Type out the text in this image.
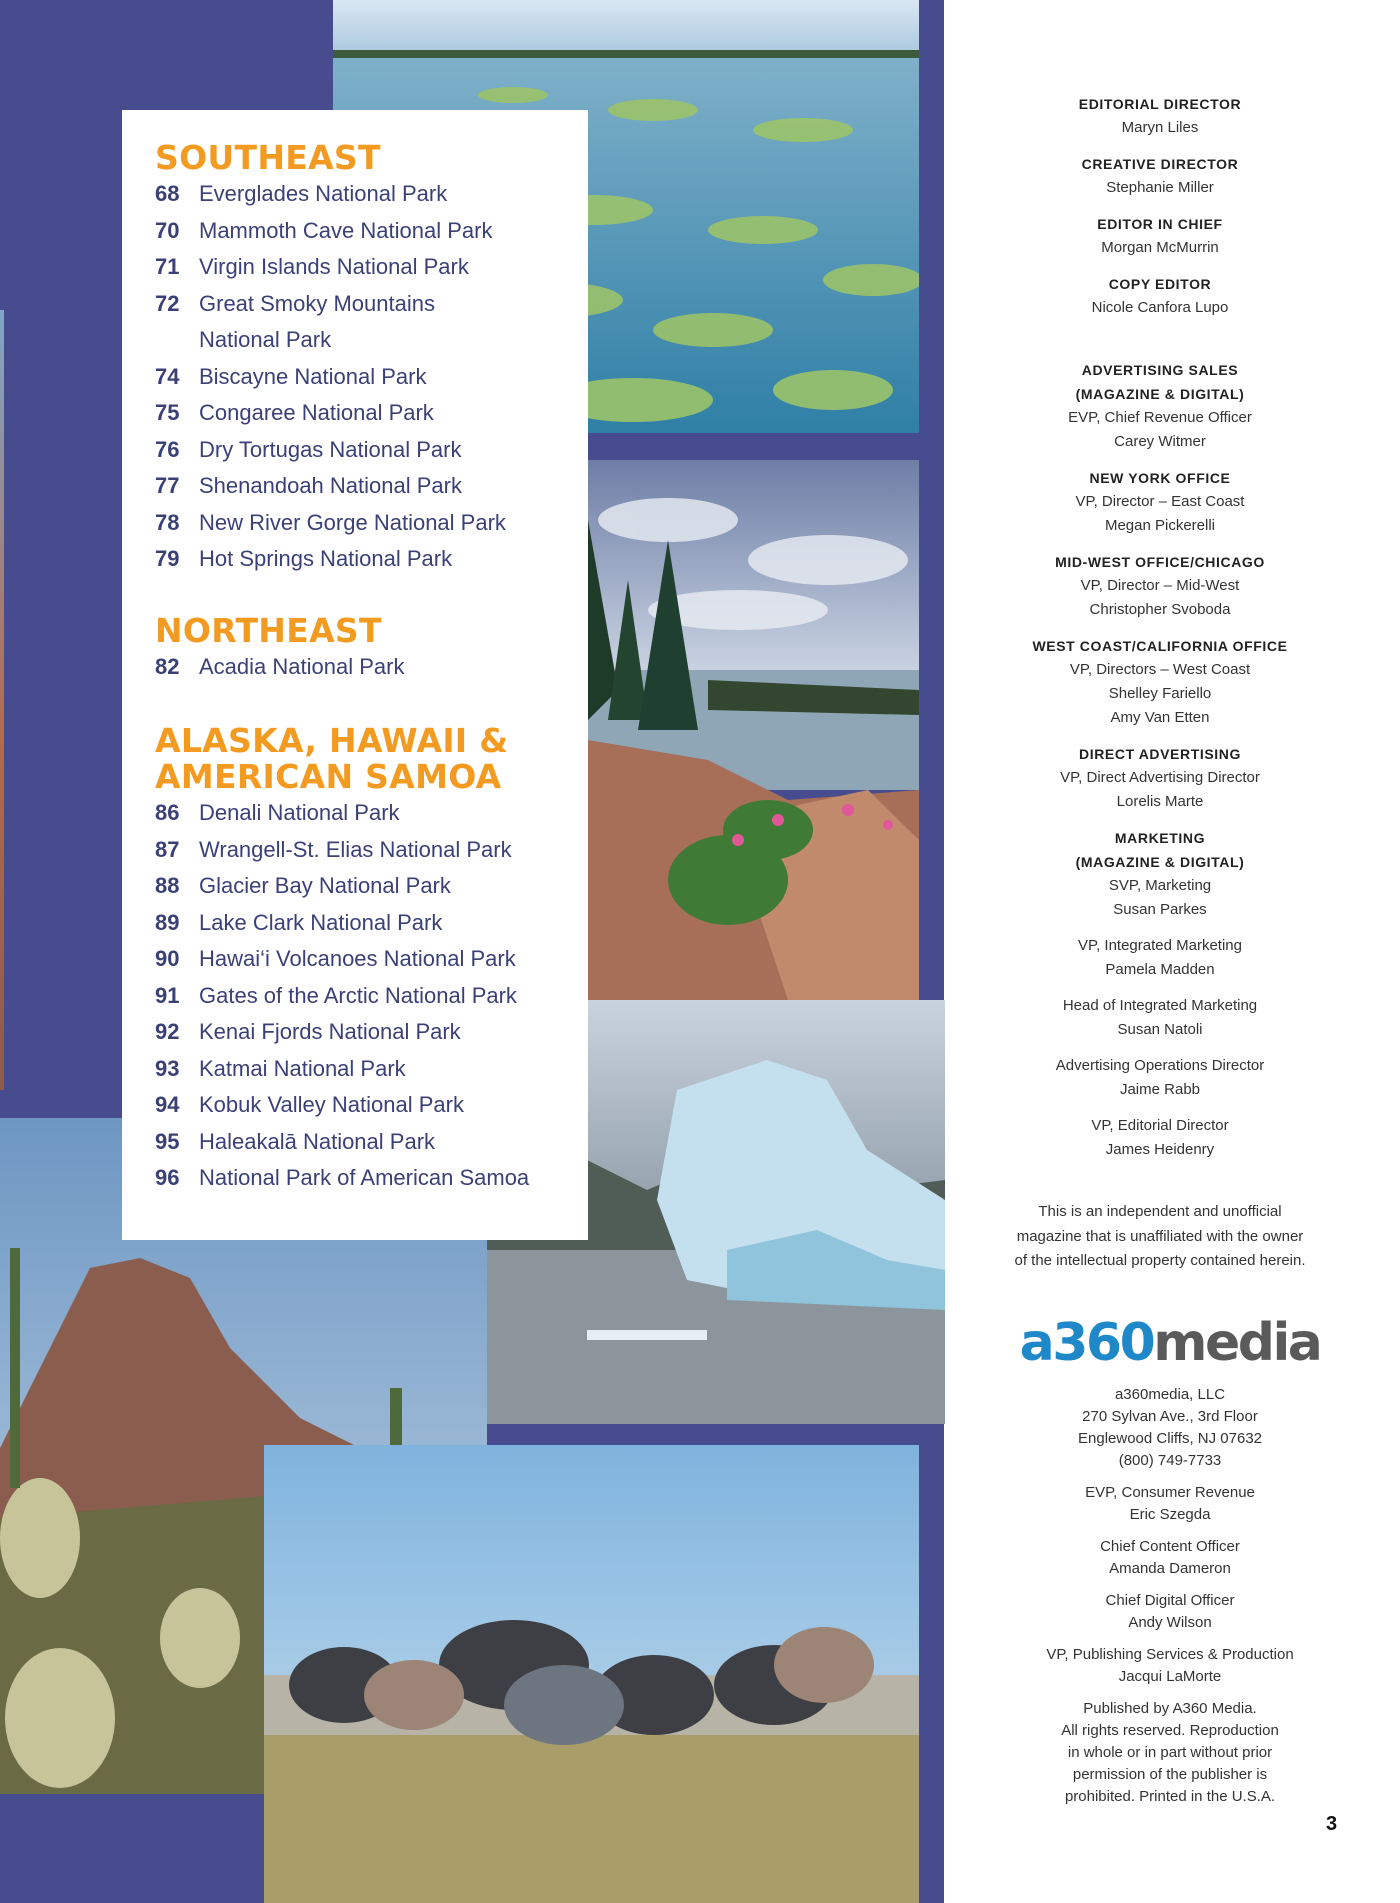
SOUTHEAST
68 Everglades National Park
70 Mammoth Cave National Park
71 Virgin Islands National Park
72 Great Smoky Mountains National Park
74 Biscayne National Park
75 Congaree National Park
76 Dry Tortugas National Park
77 Shenandoah National Park
78 New River Gorge National Park
79 Hot Springs National Park
NORTHEAST
82 Acadia National Park
ALASKA, HAWAII & AMERICAN SAMOA
86 Denali National Park
87 Wrangell-St. Elias National Park
88 Glacier Bay National Park
89 Lake Clark National Park
90 Hawai‘i Volcanoes National Park
91 Gates of the Arctic National Park
92 Kenai Fjords National Park
93 Katmai National Park
94 Kobuk Valley National Park
95 Haleakalā National Park
96 National Park of American Samoa
EDITORIAL DIRECTOR
Maryn Liles
CREATIVE DIRECTOR
Stephanie Miller
EDITOR IN CHIEF
Morgan McMurrin
COPY EDITOR
Nicole Canfora Lupo
ADVERTISING SALES
(MAGAZINE & DIGITAL)
EVP, Chief Revenue Officer
Carey Witmer
NEW YORK OFFICE
VP, Director – East Coast
Megan Pickerelli
MID-WEST OFFICE/CHICAGO
VP, Director – Mid-West
Christopher Svoboda
WEST COAST/CALIFORNIA OFFICE
VP, Directors – West Coast
Shelley Fariello
Amy Van Etten
DIRECT ADVERTISING
VP, Direct Advertising Director
Lorelis Marte
MARKETING
(MAGAZINE & DIGITAL)
SVP, Marketing
Susan Parkes
VP, Integrated Marketing
Pamela Madden
Head of Integrated Marketing
Susan Natoli
Advertising Operations Director
Jaime Rabb
VP, Editorial Director
James Heidenry
This is an independent and unofficial magazine that is unaffiliated with the owner of the intellectual property contained herein.
a360media
a360media, LLC
270 Sylvan Ave., 3rd Floor
Englewood Cliffs, NJ 07632
(800) 749-7733
EVP, Consumer Revenue
Eric Szegda
Chief Content Officer
Amanda Dameron
Chief Digital Officer
Andy Wilson
VP, Publishing Services & Production
Jacqui LaMorte
Published by A360 Media.
All rights reserved. Reproduction
in whole or in part without prior
permission of the publisher is
prohibited. Printed in the U.S.A.
3
